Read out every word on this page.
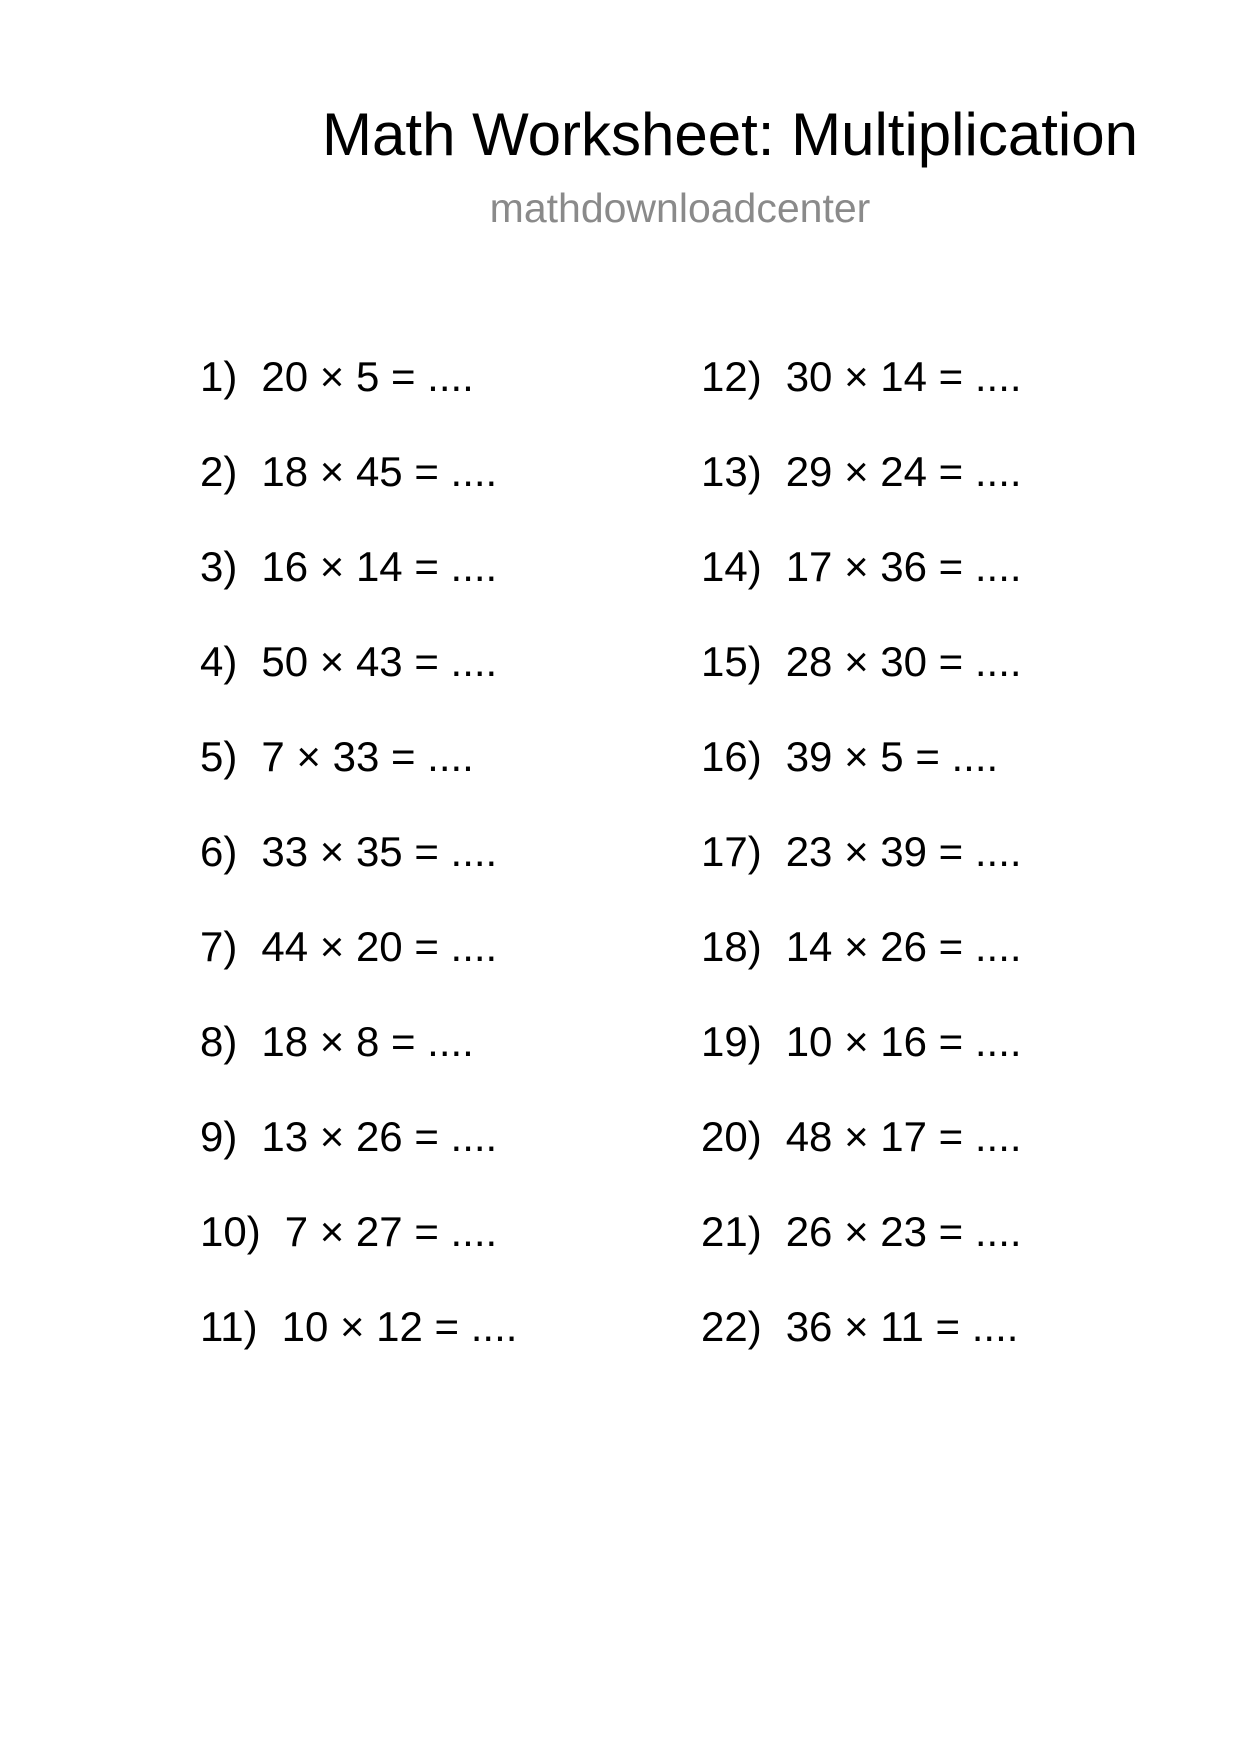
Math Worksheet: Multiplication
mathdownloadcenter
1) 20 × 5 = ....
2) 18 × 45 = ....
3) 16 × 14 = ....
4) 50 × 43 = ....
5) 7 × 33 = ....
6) 33 × 35 = ....
7) 44 × 20 = ....
8) 18 × 8 = ....
9) 13 × 26 = ....
10) 7 × 27 = ....
11) 10 × 12 = ....
12) 30 × 14 = ....
13) 29 × 24 = ....
14) 17 × 36 = ....
15) 28 × 30 = ....
16) 39 × 5 = ....
17) 23 × 39 = ....
18) 14 × 26 = ....
19) 10 × 16 = ....
20) 48 × 17 = ....
21) 26 × 23 = ....
22) 36 × 11 = ....
